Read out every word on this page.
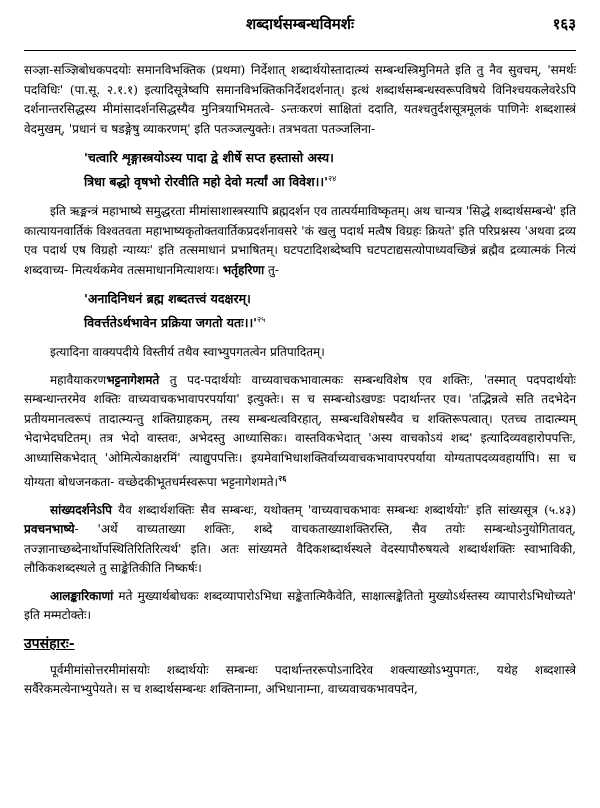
शब्दार्थसम्बन्धविमर्शः	१६३

सञ्ज्ञा-सञ्ज्ञिबोधकपदयोः समानविभक्तिक (प्रथमा) निर्देशात् शब्दार्थयोस्तादात्म्यं सम्बन्धस्त्रिमुनिमते इति तु नैव सुवचम्, 'समर्थः पदविधिः' (पा.सू. २.१.१) इत्यादिसूत्रेष्वपि समानविभक्तिकनिर्देशदर्शनात्। इत्थं शब्दार्थसम्बन्धस्वरूपविषये विनिश्चयकलेवरेऽपि दर्शनान्तरसिद्धस्य मीमांसादर्शनसिद्धस्यैव मुनित्रयाभिमतत्वे- ऽन्तःकरणं साक्षितां ददाति, यतश्चतुर्दशसूत्रमूलकं पाणिनेः शब्दशास्त्रं वेदमुखम्, 'प्रधानं च षडङ्गेषु व्याकरणम्' इति पतञ्जल्युक्तेः। तत्रभवता पतञ्जलिना-

'चत्वारि शृङ्गास्त्रयोऽस्य पादा द्वे शीर्षे सप्त हस्तासो अस्य।
त्रिधा बद्धो वृषभो रोरवीति महो देवो मर्त्यां आ $विवेश।।'^{२४}$

इति ऋङ्मन्त्रं महाभाष्ये समुद्धरता मीमांसाशास्त्रस्यापि ब्रह्मदर्शन एव तात्पर्यमाविष्कृतम्। अथ चान्यत्र 'सिद्धे शब्दार्थसम्बन्धे' इति कात्यायनवार्तिकं विश्वतवता महाभाष्यकृतोक्तवार्तिकप्रदर्शनावसरे 'कं खलु पदार्थ मत्वैष विग्रहः क्रियते' इति परिप्रश्नस्य 'अथवा द्रव्य एव पदार्थ एष विग्रहो न्याय्यः' इति तत्समाधानं प्रभाषितम्। घटपटादिशब्देष्वपि घटपटाद्यसत्योपाध्यवच्छिन्नं ब्रह्मैव द्रव्यात्मकं नित्यं शब्दवाच्य- मित्यर्थकमेव तत्समाधानमित्याशयः। भर्तृहरिणा तु-

'अनादिनिधनं ब्रह्म शब्दतत्त्वं यदक्षरम्।
विवर्त्ततेऽर्थभावेन प्रक्रिया जगतो $यतः।।'^{२५}$

इत्यादिना वाक्यपदीये विस्तीर्य तथैव स्वाभ्युपगतत्वेन प्रतिपादितम्।

महावैयाकरणभट्टनागेशमते तु पद-पदार्थयोः वाच्यवाचकभावात्मकः सम्बन्धविशेष एव शक्तिः, 'तस्मात् पदपदार्थयोः सम्बन्धान्तरमेव शक्तिः वाच्यवाचकभावापरपर्याया' इत्युक्तेः। स च सम्बन्धोऽखण्डः पदार्थान्तर एव। 'तद्भिन्नत्वे सति तदभेदेन प्रतीयमानत्वरूपं तादात्म्यन्तु शक्तिग्राहकम्, तस्य सम्बन्धत्वविरहात्, सम्बन्धविशेषस्यैव च शक्तिरूपत्वात्। एतच्च तादात्म्यम् भेदाभेदघटितम्। तत्र भेदो वास्तवः, अभेदस्तु आध्यासिकः। वास्तविकभेदात् 'अस्य वाचकोऽयं शब्द' इत्यादिव्यवहारोपपत्तिः, आध्यासिकभेदात् 'ओमित्येकाक्षरमिं' त्याद्युपपत्तिः। इयमेवाभिधाशक्तिर्वाच्यवाचकभावापरपर्याया योग्यतापदव्यवहार्यापि। सा च योग्यता बोधजनकता- वच्छेदकीभूतधर्मस्वरूपा भट्टनागेशमते।$^{२६}$

सांख्यदर्शनेऽपि यैव शब्दार्थशक्तिः सैव सम्बन्धः, यथोक्तम् 'वाच्यवाचकभावः सम्बन्धः शब्दार्थयोः' इति सांख्यसूत्र (५.४३) प्रवचनभाष्ये- 'अर्थे वाच्यताख्या शक्तिः, शब्दे वाचकताख्याशक्तिरस्ति, सैव तयोः सम्बन्धोऽनुयोगितावत्, तज्ज्ञानाच्छब्देनार्थोपस्थितिरितिरित्यर्थ' इति। अतः सांख्यमते वैदिकशब्दार्थस्थले वेदस्यापौरुषयत्वे शब्दार्थशक्तिः स्वाभाविकी, लौकिकशब्दस्थले तु साङ्केतिकीति निष्कर्षः।

आलङ्कारिकाणां मते मुख्यार्थबोधकः शब्दव्यापारोऽभिधा सङ्केतात्मिकैवेति, साक्षात्सङ्केतितो मुख्योऽर्थस्तस्य व्यापारोऽभिधोच्यते' इति मम्मटोक्तेः।

उपसंहारः-

पूर्वमीमांसोत्तरमीमांसयोः शब्दार्थयोः सम्बन्धः पदार्थान्तररूपोऽनादिरेव शक्त्याख्योऽभ्युपगतः, यथेह शब्दशास्त्रे सर्वैरेकमत्येनाभ्युपेयते। स च शब्दार्थसम्बन्धः शक्तिनाम्ना, अभिधानाम्ना, वाच्यवाचकभावपदेन,
